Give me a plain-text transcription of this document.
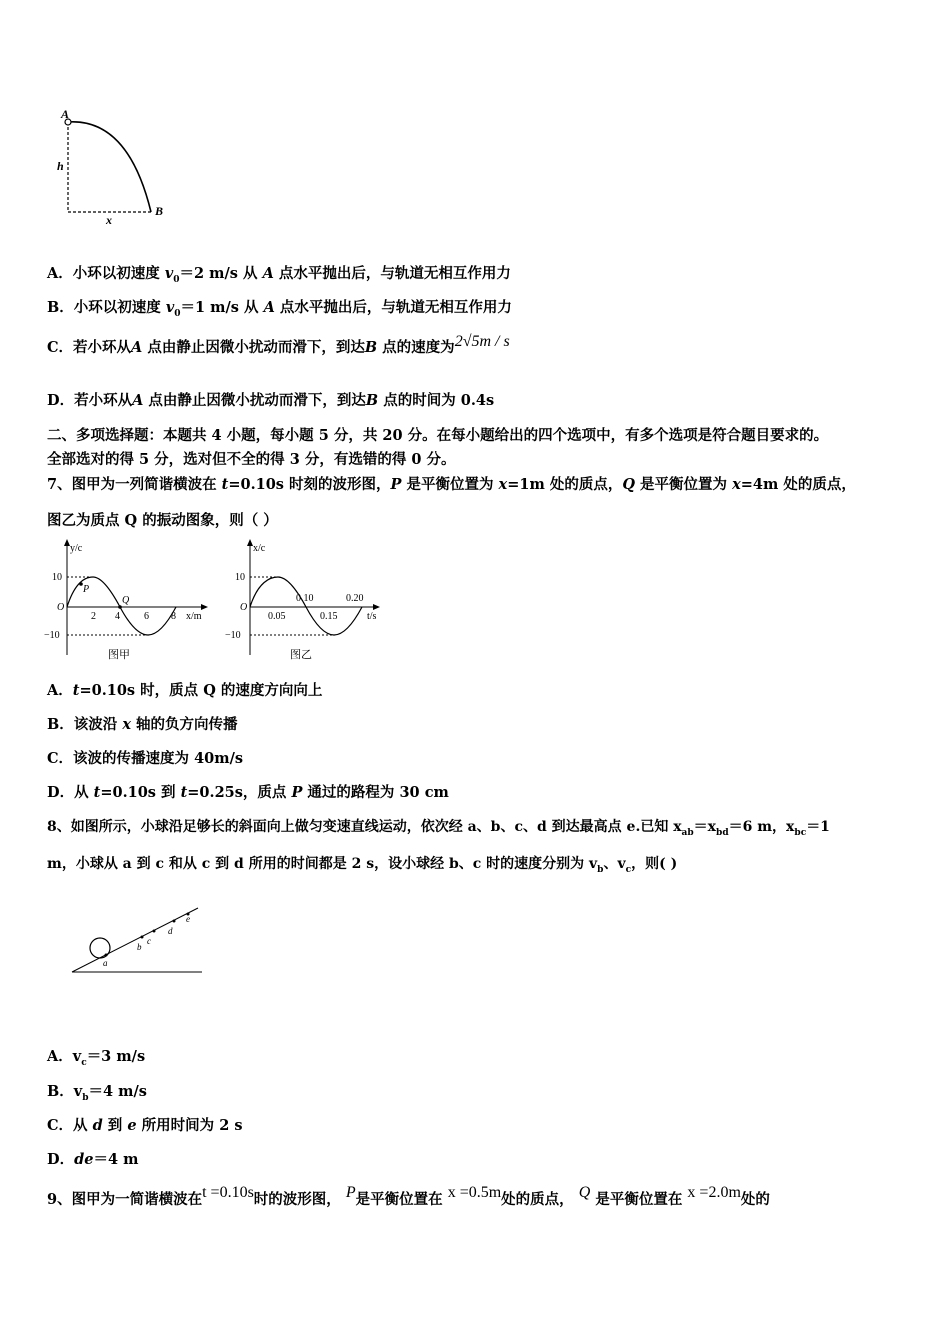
A
B
h
x
A．小环以初速度 $v_0=2$ m/s 从 A 点水平抛出后，与轨道无相互作用力
B．小环以初速度 $v_0=1$ m/s 从 A 点水平抛出后，与轨道无相互作用力
C．若小环从A 点由静止因微小扰动而滑下，到达B 点的速度为2√5m / s
D．若小环从A 点由静止因微小扰动而滑下，到达B 点的时间为 0.4s
二、多项选择题：本题共 4 小题，每小题 5 分，共 20 分。在每小题给出的四个选项中，有多个选项是符合题目要求的。
全部选对的得 5 分，选对但不全的得 3 分，有选错的得 0 分。
7、图甲为一列简谐横波在 t=0.10s 时刻的波形图，P 是平衡位置为 x=1m 处的质点，Q 是平衡位置为 x=4m 处的质点，
图乙为质点 Q 的振动图象，则（ ）
y/c
10
−10
O
P
Q
2 4 6 8 x/m
图甲
x/c
10
−10
O
0.05	0.15
0.10	0.20
t/s
图乙
A．t=0.10s 时，质点 Q 的速度方向向上
B．该波沿 x 轴的负方向传播
C．该波的传播速度为 40m/s
D．从 t=0.10s 到 t=0.25s，质点 P 通过的路程为 30 cm
8、如图所示，小球沿足够长的斜面向上做匀变速直线运动，依次经 a、b、c、d 到达最高点 e.已知 $x_{ab}=x_{bd}=6$ m，$x_{bc}=1$
m，小球从 a 到 c 和从 c 到 d 所用的时间都是 2 s，设小球经 b、c 时的速度分别为 $v_b$、$v_c$，则( )
a
b
c
d
e
A．$v_c=3$ m/s
B．$v_b=4$ m/s
C．从 d 到 e 所用时间为 2 s
D．de＝4 m
9、图甲为一简谐横波在t =0.10s时的波形图， P是平衡位置在 x =0.5m处的质点， Q 是平衡位置在 x =2.0m处的
